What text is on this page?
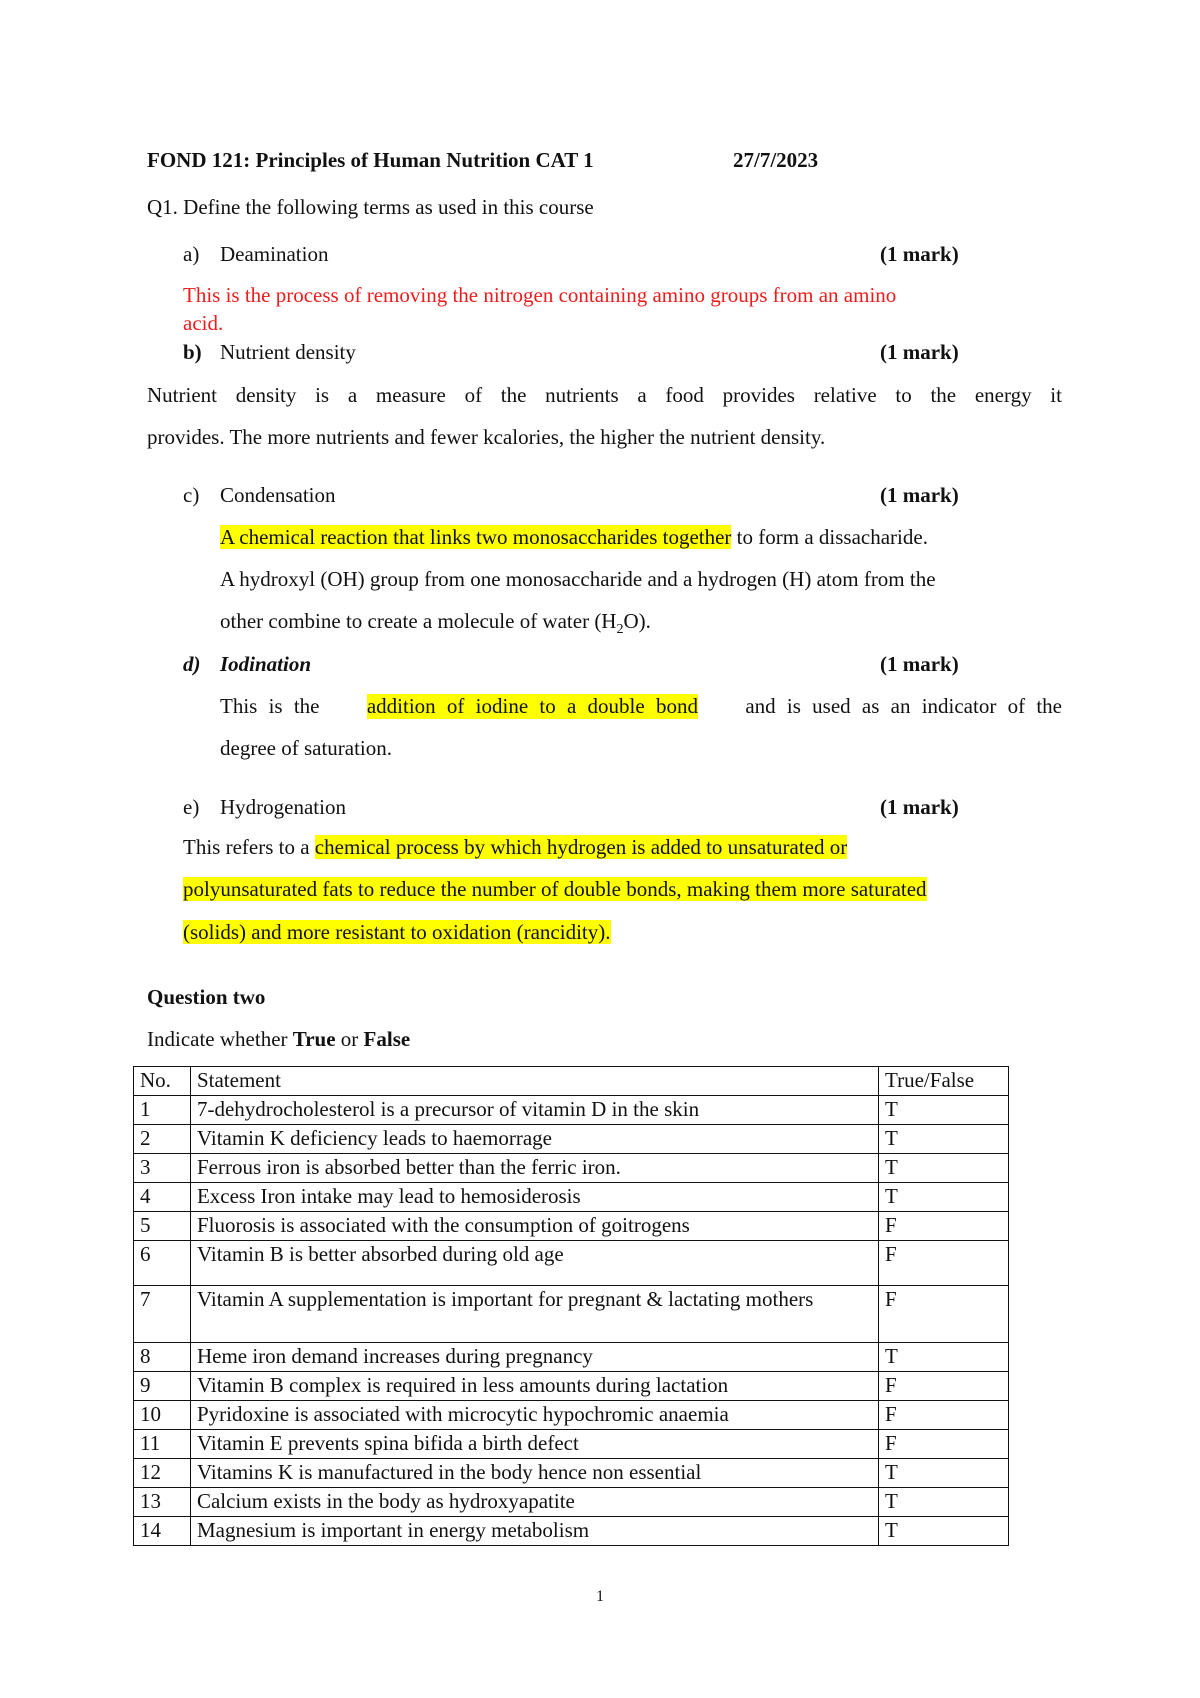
FOND 121: Principles of Human Nutrition CAT 1	27/7/2023
Q1. Define the following terms as used in this course
a) Deamination	(1 mark)
This is the process of removing the nitrogen containing amino groups from an amino
acid.
b) Nutrient density	(1 mark)
Nutrient density is a measure of the nutrients a food provides relative to the energy it
provides. The more nutrients and fewer kcalories, the higher the nutrient density.
c) Condensation	(1 mark)
A chemical reaction that links two monosaccharides together to form a dissacharide.
A hydroxyl (OH) group from one monosaccharide and a hydrogen (H) atom from the
other combine to create a molecule of water $(H_2O)$.
d) Iodination	(1 mark)
This is the addition of iodine to a double bond and is used as an indicator of the
degree of saturation.
e) Hydrogenation	(1 mark)
This refers to a chemical process by which hydrogen is added to unsaturated or
polyunsaturated fats to reduce the number of double bonds, making them more saturated
(solids) and more resistant to oxidation (rancidity).
Question two
Indicate whether True or False
No.	Statement	True/False
1	7-dehydrocholesterol is a precursor of vitamin D in the skin	T
2	Vitamin K deficiency leads to haemorrage	T
3	Ferrous iron is absorbed better than the ferric iron.	T
4	Excess Iron intake may lead to hemosiderosis	T
5	Fluorosis is associated with the consumption of goitrogens	F
6	Vitamin B is better absorbed during old age	F
7	Vitamin A supplementation is important for pregnant & lactating mothers	F
8	Heme iron demand increases during pregnancy	T
9	Vitamin B complex is required in less amounts during lactation	F
10	Pyridoxine is associated with microcytic hypochromic anaemia	F
11	Vitamin E prevents spina bifida a birth defect	F
12	Vitamins K is manufactured in the body hence non essential	T
13	Calcium exists in the body as hydroxyapatite	T
14	Magnesium is important in energy metabolism	T
1
